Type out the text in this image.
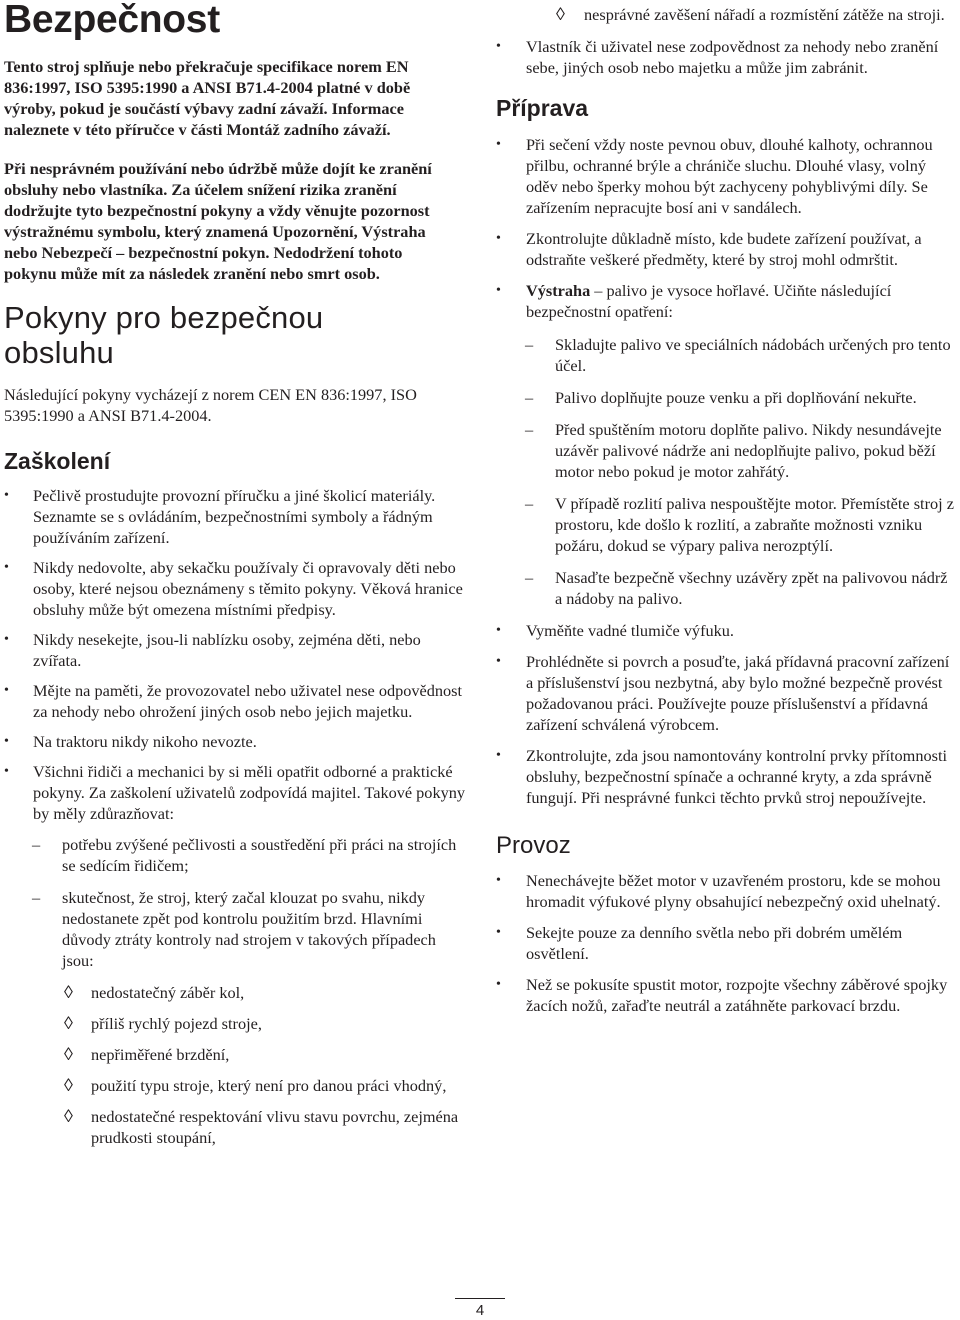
Bezpečnost

Tento stroj splňuje nebo překračuje specifikace norem EN 836:1997, ISO 5395:1990 a ANSI B71.4-2004 platné v době výroby, pokud je součástí výbavy zadní závaží. Informace naleznete v této příručce v části Montáž zadního závaží.

Při nesprávném používání nebo údržbě může dojít ke zranění obsluhy nebo vlastníka. Za účelem snížení rizika zranění dodržujte tyto bezpečnostní pokyny a vždy věnujte pozornost výstražnému symbolu, který znamená Upozornění, Výstraha nebo Nebezpečí – bezpečnostní pokyn. Nedodržení tohoto pokynu může mít za následek zranění nebo smrt osob.

Pokyny pro bezpečnou obsluhu

Následující pokyny vycházejí z norem CEN EN 836:1997, ISO 5395:1990 a ANSI B71.4-2004.

Zaškolení
• Pečlivě prostudujte provozní příručku a jiné školicí materiály. Seznamte se s ovládáním, bezpečnostními symboly a řádným používáním zařízení.
• Nikdy nedovolte, aby sekačku používaly či opravovaly děti nebo osoby, které nejsou obeznámeny s těmito pokyny. Věková hranice obsluhy může být omezena místními předpisy.
• Nikdy nesekejte, jsou-li nablízku osoby, zejména děti, nebo zvířata.
• Mějte na paměti, že provozovatel nebo uživatel nese odpovědnost za nehody nebo ohrožení jiných osob nebo jejich majetku.
• Na traktoru nikdy nikoho nevozte.
• Všichni řidiči a mechanici by si měli opatřit odborné a praktické pokyny. Za zaškolení uživatelů zodpovídá majitel. Takové pokyny by měly zdůrazňovat:
– potřebu zvýšené pečlivosti a soustředění při práci na strojích se sedícím řidičem;
– skutečnost, že stroj, který začal klouzat po svahu, nikdy nedostanete zpět pod kontrolu použitím brzd. Hlavními důvody ztráty kontroly nad strojem v takových případech jsou:
◊ nedostatečný záběr kol,
◊ příliš rychlý pojezd stroje,
◊ nepřiměřené brzdění,
◊ použití typu stroje, který není pro danou práci vhodný,
◊ nedostatečné respektování vlivu stavu povrchu, zejména prudkosti stoupání,
◊ nesprávné zavěšení nářadí a rozmístění zátěže na stroji.
• Vlastník či uživatel nese zodpovědnost za nehody nebo zranění sebe, jiných osob nebo majetku a může jim zabránit.
Příprava
• Při sečení vždy noste pevnou obuv, dlouhé kalhoty, ochrannou přilbu, ochranné brýle a chrániče sluchu. Dlouhé vlasy, volný oděv nebo šperky mohou být zachyceny pohyblivými díly. Se zařízením nepracujte bosí ani v sandálech.
• Zkontrolujte důkladně místo, kde budete zařízení používat, a odstraňte veškeré předměty, které by stroj mohl odmrštit.
• Výstraha – palivo je vysoce hořlavé. Učiňte následující bezpečnostní opatření:
– Skladujte palivo ve speciálních nádobách určených pro tento účel.
– Palivo doplňujte pouze venku a při doplňování nekuřte.
– Před spuštěním motoru doplňte palivo. Nikdy nesundávejte uzávěr palivové nádrže ani nedoplňujte palivo, pokud běží motor nebo pokud je motor zahřátý.
– V případě rozlití paliva nespouštějte motor. Přemístěte stroj z prostoru, kde došlo k rozlití, a zabraňte možnosti vzniku požáru, dokud se výpary paliva nerozptýlí.
– Nasaďte bezpečně všechny uzávěry zpět na palivovou nádrž a nádoby na palivo.
• Vyměňte vadné tlumiče výfuku.
• Prohlédněte si povrch a posuďte, jaká přídavná pracovní zařízení a příslušenství jsou nezbytná, aby bylo možné bezpečně provést požadovanou práci. Používejte pouze příslušenství a přídavná zařízení schválená výrobcem.
• Zkontrolujte, zda jsou namontovány kontrolní prvky přítomnosti obsluhy, bezpečnostní spínače a ochranné kryty, a zda správně fungují. Při nesprávné funkci těchto prvků stroj nepoužívejte.
Provoz
• Nenechávejte běžet motor v uzavřeném prostoru, kde se mohou hromadit výfukové plyny obsahující nebezpečný oxid uhelnatý.
• Sekejte pouze za denního světla nebo při dobrém umělém osvětlení.
• Než se pokusíte spustit motor, rozpojte všechny záběrové spojky žacích nožů, zařaďte neutrál a zatáhněte parkovací brzdu.
4
